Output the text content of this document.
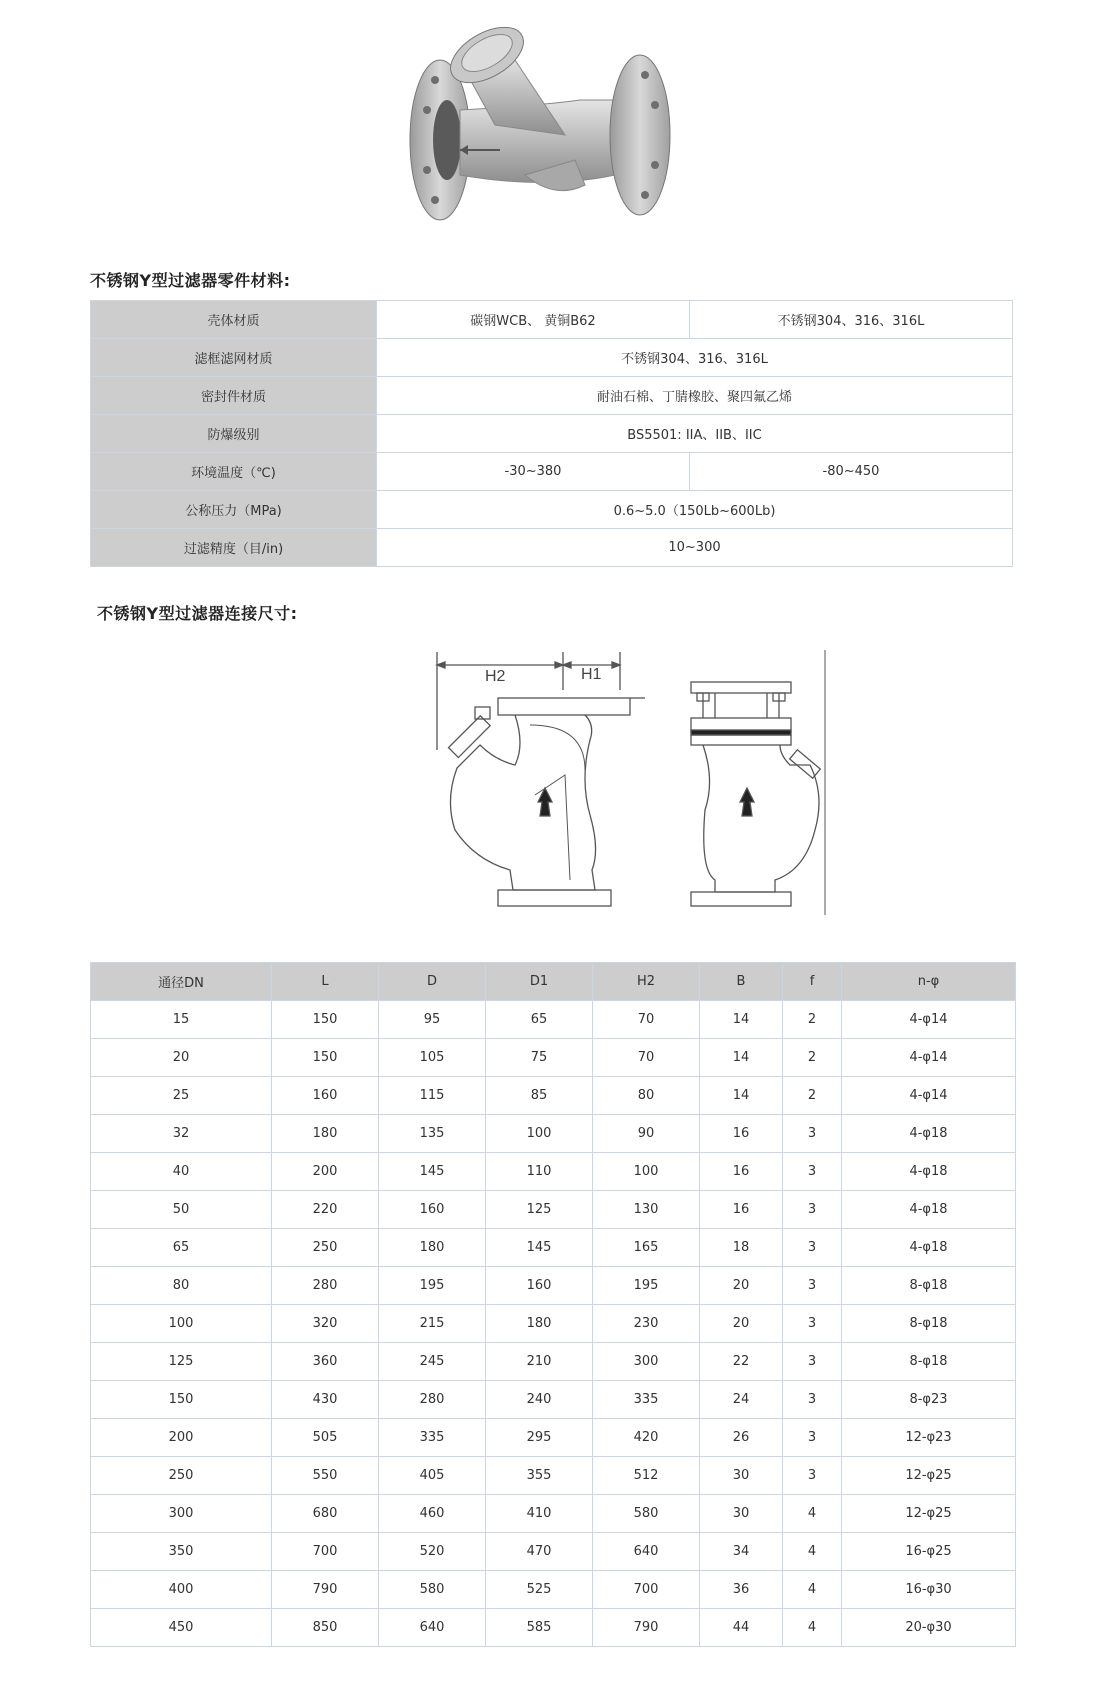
不锈钢Y型过滤器零件材料:
壳体材质	碳钢WCB、 黄铜B62	不锈钢304、316、316L
滤框滤网材质	不锈钢304、316、316L	
密封件材质	耐油石棉、丁腈橡胶、聚四氟乙烯	
防爆级别	BS5501: IIA、IIB、IIC	
环境温度（℃)	-30~380	-80~450
公称压力（MPa)	0.6~5.0（150Lb~600Lb)	
过滤精度（目/in)	10~300	
不锈钢Y型过滤器连接尺寸:
H2	H1
通径DN	L	D	D1	H2	B	f	n-φ
15	150	95	65	70	14	2	4-φ14
20	150	105	75	70	14	2	4-φ14
25	160	115	85	80	14	2	4-φ14
32	180	135	100	90	16	3	4-φ18
40	200	145	110	100	16	3	4-φ18
50	220	160	125	130	16	3	4-φ18
65	250	180	145	165	18	3	4-φ18
80	280	195	160	195	20	3	8-φ18
100	320	215	180	230	20	3	8-φ18
125	360	245	210	300	22	3	8-φ18
150	430	280	240	335	24	3	8-φ23
200	505	335	295	420	26	3	12-φ23
250	550	405	355	512	30	3	12-φ25
300	680	460	410	580	30	4	12-φ25
350	700	520	470	640	34	4	16-φ25
400	790	580	525	700	36	4	16-φ30
450	850	640	585	790	44	4	20-φ30
